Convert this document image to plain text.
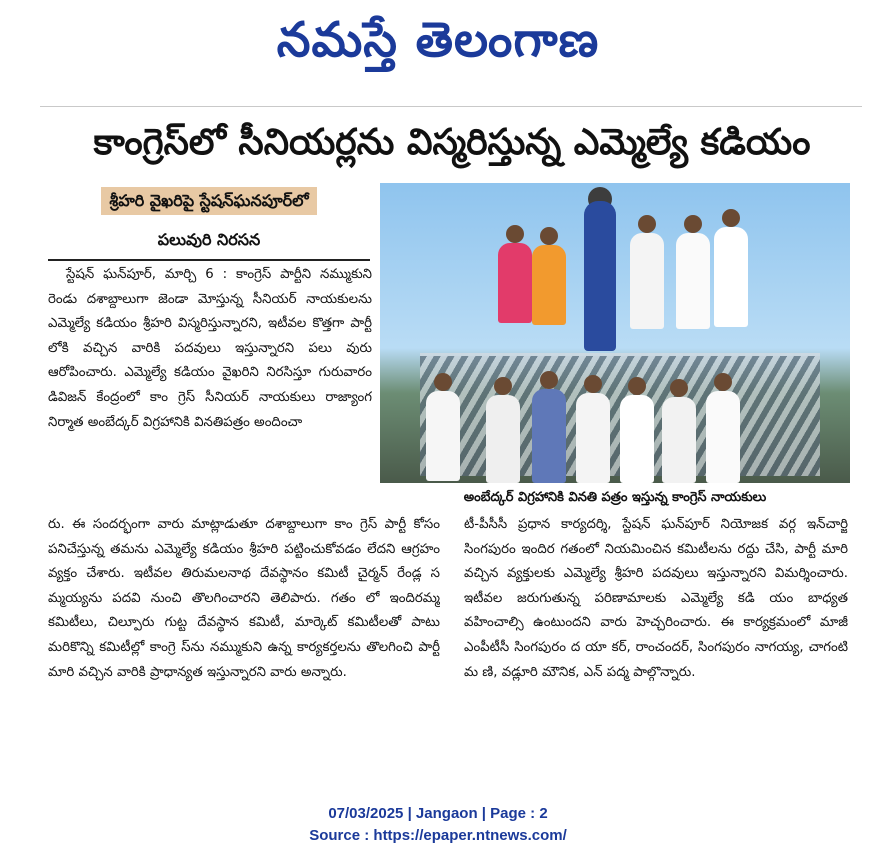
నమస్తే తెలంగాణ
కాంగ్రెస్‌లో సీనియర్లను విస్మరిస్తున్న ఎమ్మెల్యే కడియం
శ్రీహరి వైఖరిపై స్టేషన్‌ఘనపూర్‌లో
పలువురి నిరసన
స్టేషన్ ఘన్‌పూర్, మార్చి 6 : కాంగ్రెస్ పార్టీని నమ్ముకుని రెండు దశాబ్దాలుగా జెండా మోస్తున్న సీనియర్ నాయకులను ఎమ్మెల్యే కడియం శ్రీహరి విస్మరిస్తున్నారని, ఇటీవల కొత్తగా పార్టీ లోకి వచ్చిన వారికి పదవులు ఇస్తున్నారని పలు వురు ఆరోపించారు. ఎమ్మెల్యే కడియం వైఖరిని నిరసిస్తూ గురువారం డివిజన్ కేంద్రంలో కాం గ్రెస్ సీనియర్ నాయకులు రాజ్యాంగ నిర్మాత అంబేద్కర్ విగ్రహానికి వినతిపత్రం అందించా
అంబేద్కర్ విగ్రహానికి వినతి పత్రం ఇస్తున్న కాంగ్రెస్ నాయకులు
రు. ఈ సందర్భంగా వారు మాట్లాడుతూ దశాబ్దాలుగా కాం గ్రెస్ పార్టీ కోసం పనిచేస్తున్న తమను ఎమ్మెల్యే కడియం శ్రీహరి పట్టించుకోవడం లేదని ఆగ్రహం వ్యక్తం చేశారు. ఇటీవల తిరుమలనాథ దేవస్థానం కమిటీ చైర్మన్ రేండ్ల స మ్మయ్యను పదవి నుంచి తొలగించారని తెలిపారు. గతం లో ఇందిరమ్మ కమిటీలు, చిల్పూరు గుట్ట దేవస్థాన కమిటీ, మార్కెట్ కమిటీలతో పాటు మరికొన్ని కమిటీల్లో కాంగ్రె స్‌ను నమ్ముకుని ఉన్న కార్యకర్తలను తొలగించి పార్టీ మారి వచ్చిన వారికి ప్రాధాన్యత ఇస్తున్నారని వారు అన్నారు.
టీ-పీసీసీ ప్రధాన కార్యదర్శి, స్టేషన్ ఘన్‌పూర్ నియోజక వర్గ ఇన్‌చార్జి సింగపురం ఇందిర గతంలో నియమించిన కమిటీలను రద్దు చేసి, పార్టీ మారి వచ్చిన వ్యక్తులకు ఎమ్మెల్యే శ్రీహరి పదవులు ఇస్తున్నారని విమర్శించారు. ఇటీవల జరుగుతున్న పరిణామాలకు ఎమ్మెల్యే కడి యం బాధ్యత వహించాల్సి ఉంటుందని వారు హెచ్చరించారు. ఈ కార్యక్రమంలో మాజీ ఎంపీటీసీ సింగపురం ద యా కర్, రాంచందర్, సింగపురం నాగయ్య, చాగంటి మ ణి, వడ్లూరి మౌనిక, ఎన్ పద్మ పాల్గొన్నారు.
07/03/2025 | Jangaon | Page : 2
Source : https://epaper.ntnews.com/
